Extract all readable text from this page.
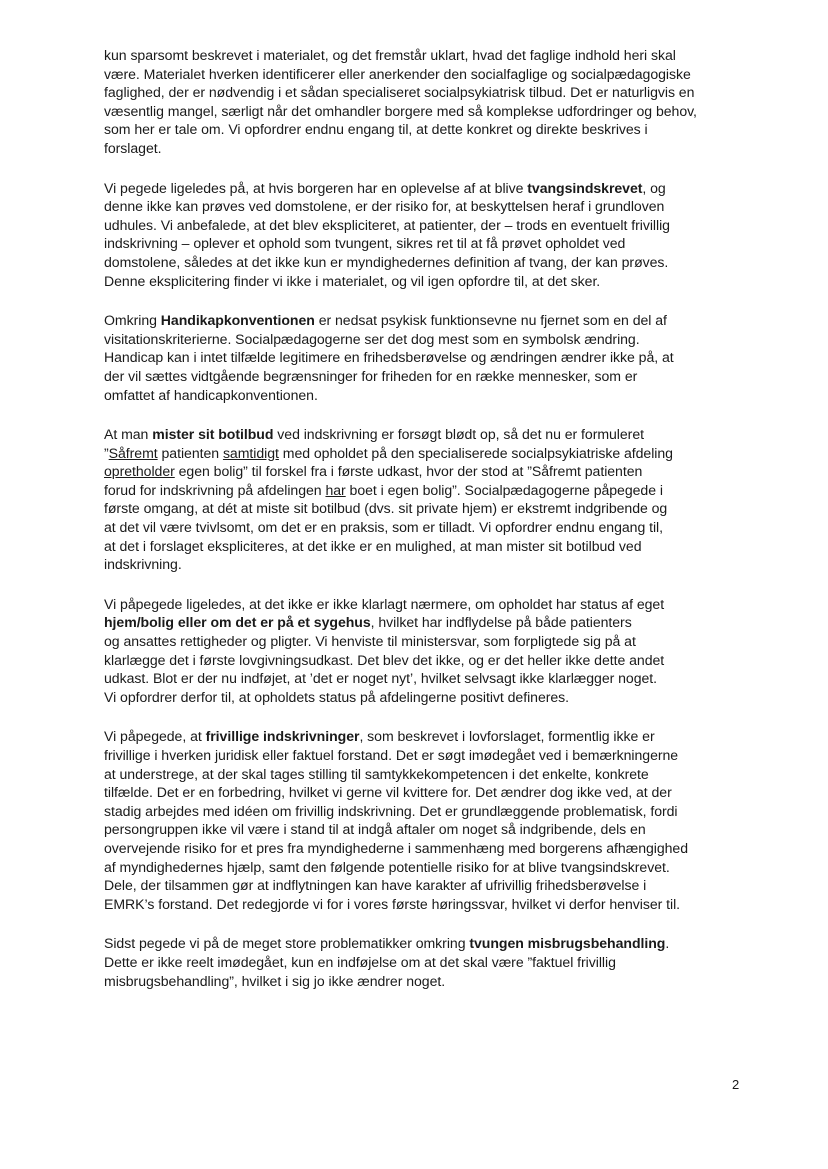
kun sparsomt beskrevet i materialet, og det fremstår uklart, hvad det faglige indhold heri skal
være. Materialet hverken identificerer eller anerkender den socialfaglige og socialpædagogiske
faglighed, der er nødvendig i et sådan specialiseret socialpsykiatrisk tilbud. Det er naturligvis en
væsentlig mangel, særligt når det omhandler borgere med så komplekse udfordringer og behov,
som her er tale om. Vi opfordrer endnu engang til, at dette konkret og direkte beskrives i
forslaget.

Vi pegede ligeledes på, at hvis borgeren har en oplevelse af at blive tvangsindskrevet, og
denne ikke kan prøves ved domstolene, er der risiko for, at beskyttelsen heraf i grundloven
udhules. Vi anbefalede, at det blev ekspliciteret, at patienter, der – trods en eventuelt frivillig
indskrivning – oplever et ophold som tvungent, sikres ret til at få prøvet opholdet ved
domstolene, således at det ikke kun er myndighedernes definition af tvang, der kan prøves.
Denne eksplicitering finder vi ikke i materialet, og vil igen opfordre til, at det sker.

Omkring Handikapkonventionen er nedsat psykisk funktionsevne nu fjernet som en del af
visitationskriterierne. Socialpædagogerne ser det dog mest som en symbolsk ændring.
Handicap kan i intet tilfælde legitimere en frihedsberøvelse og ændringen ændrer ikke på, at
der vil sættes vidtgående begrænsninger for friheden for en række mennesker, som er
omfattet af handicapkonventionen.

At man mister sit botilbud ved indskrivning er forsøgt blødt op, så det nu er formuleret
”Såfremt patienten samtidigt med opholdet på den specialiserede socialpsykiatriske afdeling
opretholder egen bolig” til forskel fra i første udkast, hvor der stod at ”Såfremt patienten
forud for indskrivning på afdelingen har boet i egen bolig”. Socialpædagogerne påpegede i
første omgang, at dét at miste sit botilbud (dvs. sit private hjem) er ekstremt indgribende og
at det vil være tvivlsomt, om det er en praksis, som er tilladt. Vi opfordrer endnu engang til,
at det i forslaget ekspliciteres, at det ikke er en mulighed, at man mister sit botilbud ved
indskrivning.

Vi påpegede ligeledes, at det ikke er ikke klarlagt nærmere, om opholdet har status af eget
hjem/bolig eller om det er på et sygehus, hvilket har indflydelse på både patienters
og ansattes rettigheder og pligter. Vi henviste til ministersvar, som forpligtede sig på at
klarlægge det i første lovgivningsudkast. Det blev det ikke, og er det heller ikke dette andet
udkast. Blot er der nu indføjet, at ’det er noget nyt’, hvilket selvsagt ikke klarlægger noget.
Vi opfordrer derfor til, at opholdets status på afdelingerne positivt defineres.

Vi påpegede, at frivillige indskrivninger, som beskrevet i lovforslaget, formentlig ikke er
frivillige i hverken juridisk eller faktuel forstand. Det er søgt imødegået ved i bemærkningerne
at understrege, at der skal tages stilling til samtykkekompetencen i det enkelte, konkrete
tilfælde. Det er en forbedring, hvilket vi gerne vil kvittere for. Det ændrer dog ikke ved, at der
stadig arbejdes med idéen om frivillig indskrivning. Det er grundlæggende problematisk, fordi
persongruppen ikke vil være i stand til at indgå aftaler om noget så indgribende, dels en
overvejende risiko for et pres fra myndighederne i sammenhæng med borgerens afhængighed
af myndighedernes hjælp, samt den følgende potentielle risiko for at blive tvangsindskrevet.
Dele, der tilsammen gør at indflytningen kan have karakter af ufrivillig frihedsberøvelse i
EMRK’s forstand. Det redegjorde vi for i vores første høringssvar, hvilket vi derfor henviser til.

Sidst pegede vi på de meget store problematikker omkring tvungen misbrugsbehandling.
Dette er ikke reelt imødegået, kun en indføjelse om at det skal være ”faktuel frivillig
misbrugsbehandling”, hvilket i sig jo ikke ændrer noget.

2
